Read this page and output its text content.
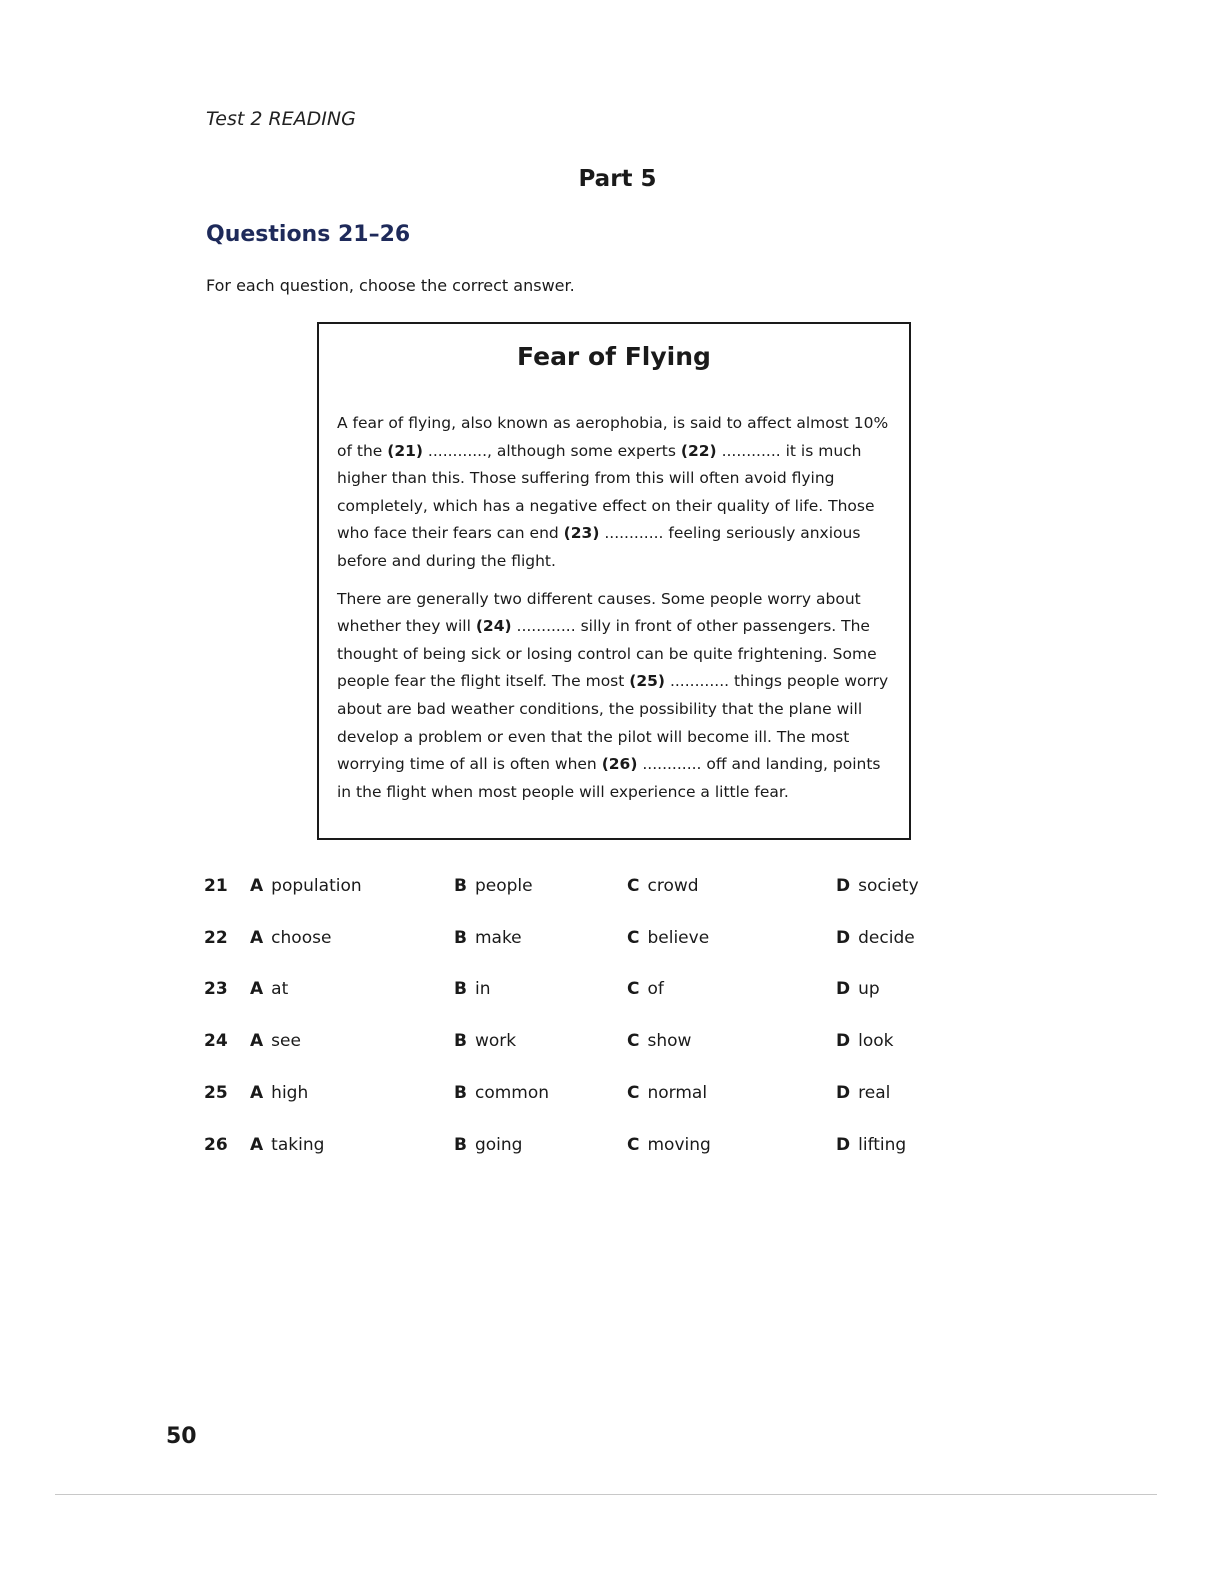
Test 2 READING
Part 5
Questions 21–26
For each question, choose the correct answer.
Fear of Flying

A fear of flying, also known as aerophobia, is said to affect almost 10% of the (21) ............, although some experts (22) ............ it is much higher than this. Those suffering from this will often avoid flying completely, which has a negative effect on their quality of life. Those who face their fears can end (23) ............ feeling seriously anxious before and during the flight.

There are generally two different causes. Some people worry about whether they will (24) ............ silly in front of other passengers. The thought of being sick or losing control can be quite frightening. Some people fear the flight itself. The most (25) ............ things people worry about are bad weather conditions, the possibility that the plane will develop a problem or even that the pilot will become ill. The most worrying time of all is often when (26) ............ off and landing, points in the flight when most people will experience a little fear.

21 A population	B people	C crowd	D society
22 A choose	B make	C believe	D decide
23 A at	B in	C of	D up
24 A see	B work	C show	D look
25 A high	B common	C normal	D real
26 A taking	B going	C moving	D lifting
50
